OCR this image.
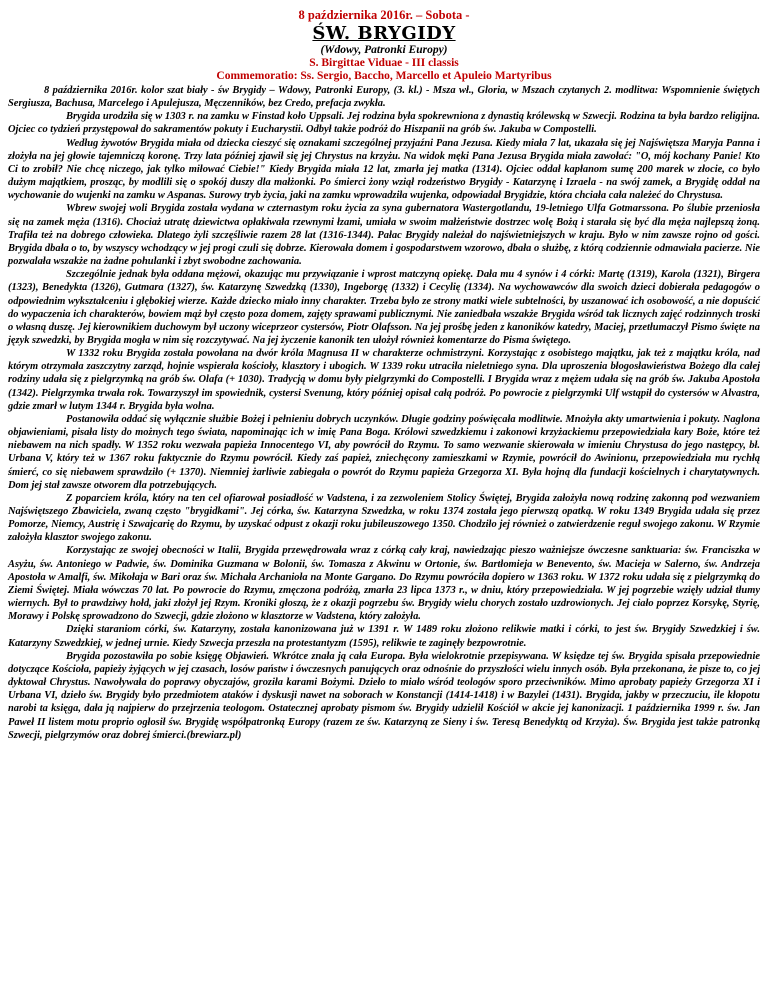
8 października 2016r. – Sobota -
ŚW. BRYGIDY
(Wdowy, Patronki Europy)
S. Birgittae Viduae - III classis
Commemoratio: Ss. Sergio, Baccho, Marcello et Apuleio Martyribus

8 października 2016r. kolor szat biały - św Brygidy – Wdowy, Patronki Europy, (3. kl.) - Msza wł., Gloria, w Mszach czytanych 2. modlitwa: Wspomnienie świętych Sergiusza, Bachusa, Marcelego i Apulejusza, Męczenników, bez Credo, prefacja zwykła.

Brygida urodziła się w 1303 r. na zamku w Finstad koło Uppsali. Jej rodzina była spokrewniona z dynastią królewską w Szwecji. Rodzina ta była bardzo religijna. Ojciec co tydzień przystępował do sakramentów pokuty i Eucharystii. Odbył także podróż do Hiszpanii na grób św. Jakuba w Compostelli.

Według żywotów Brygida miała od dziecka cieszyć się oznakami szczególnej przyjaźni Pana Jezusa. Kiedy miała 7 lat, ukazała się jej Najświętsza Maryja Panna i złożyła na jej głowie tajemniczą koronę. Trzy lata później zjawił się jej Chrystus na krzyżu. Na widok męki Pana Jezusa Brygida miała zawołać: "O, mój kochany Panie! Kto Ci to zrobił? Nie chcę niczego, jak tylko miłować Ciebie!" Kiedy Brygida miała 12 lat, zmarła jej matka (1314). Ojciec oddał kapłanom sumę 200 marek w złocie, co było dużym majątkiem, prosząc, by modlili się o spokój duszy dla małżonki. Po śmierci żony wziął rodzeństwo Brygidy - Katarzynę i Izraela - na swój zamek, a Brygidę oddał na wychowanie do wujenki na zamku w Aspanas. Surowy tryb życia, jaki na zamku wprowadziła wujenka, odpowiadał Brygidzie, która chciała cała należeć do Chrystusa.

Wbrew swojej woli Brygida została wydana w czternastym roku życia za syna gubernatora Wastergotlandu, 19-letniego Ulfa Gotmarssona. Po ślubie przeniosła się na zamek męża (1316). Chociaż utratę dziewictwa opłakiwała rzewnymi łzami, umiała w swoim małżeństwie dostrzec wolę Bożą i starała się być dla męża najlepszą żoną. Trafiła też na dobrego człowieka. Dlatego żyli szczęśliwie razem 28 lat (1316-1344). Pałac Brygidy należał do najświetniejszych w kraju. Było w nim zawsze rojno od gości. Brygida dbała o to, by wszyscy wchodzący w jej progi czuli się dobrze. Kierowała domem i gospodarstwem wzorowo, dbała o służbę, z którą codziennie odmawiała pacierze. Nie pozwalała wszakże na żadne pohulanki i zbyt swobodne zachowania.

Szczególnie jednak była oddana mężowi, okazując mu przywiązanie i wprost matczyną opiekę. Dała mu 4 synów i 4 córki: Martę (1319), Karola (1321), Birgera (1323), Benedykta (1326), Gutmara (1327), św. Katarzynę Szwedzką (1330), Ingeborgę (1332) i Cecylię (1334). Na wychowawców dla swoich dzieci dobierała pedagogów o odpowiednim wykształceniu i głębokiej wierze. Każde dziecko miało inny charakter. Trzeba było ze strony matki wiele subtelności, by uszanować ich osobowość, a nie dopuścić do wypaczenia ich charakterów, bowiem mąż był często poza domem, zajęty sprawami publicznymi. Nie zaniedbała wszakże Brygida wśród tak licznych zajęć rodzinnych troski o własną duszę. Jej kierownikiem duchowym był uczony wiceprzeor cystersów, Piotr Olafsson. Na jej prośbę jeden z kanoników katedry, Maciej, przetłumaczył Pismo święte na język szwedzki, by Brygida mogła w nim się rozczytywać. Na jej życzenie kanonik ten ułożył również komentarze do Pisma świętego.

W 1332 roku Brygida została powołana na dwór króla Magnusa II w charakterze ochmistrzyni. Korzystając z osobistego majątku, jak też z majątku króla, nad którym otrzymała zaszczytny zarząd, hojnie wspierała kościoły, klasztory i ubogich. W 1339 roku utraciła nieletniego syna. Dla uproszenia błogosławieństwa Bożego dla całej rodziny udała się z pielgrzymką na grób św. Olafa (+ 1030). Tradycją w domu były pielgrzymki do Compostelli. I Brygida wraz z mężem udała się na grób św. Jakuba Apostoła (1342). Pielgrzymka trwała rok. Towarzyszył im spowiednik, cystersi Svenung, który później opisał całą podróż. Po powrocie z pielgrzymki Ulf wstąpił do cystersów w Alvastra, gdzie zmarł w lutym 1344 r. Brygida była wolna.

Postanowiła oddać się wyłącznie służbie Bożej i pełnieniu dobrych uczynków. Długie godziny poświęcała modlitwie. Mnożyła akty umartwienia i pokuty. Naglona objawieniami, pisała listy do możnych tego świata, napominając ich w imię Pana Boga. Królowi szwedzkiemu i zakonowi krzyżackiemu przepowiedziała kary Boże, które też niebawem na nich spadły. W 1352 roku wezwała papieża Innocentego VI, aby powrócił do Rzymu. To samo wezwanie skierowała w imieniu Chrystusa do jego następcy, bł. Urbana V, który też w 1367 roku faktycznie do Rzymu powrócił. Kiedy zaś papież, zniechęcony zamieszkami w Rzymie, powrócił do Awinionu, przepowiedziała mu rychłą śmierć, co się niebawem sprawdziło (+ 1370). Niemniej żarliwie zabiegała o powrót do Rzymu papieża Grzegorza XI. Była hojną dla fundacji kościelnych i charytatywnych. Dom jej stał zawsze otworem dla potrzebujących.

Z poparciem króla, który na ten cel ofiarował posiadłość w Vadstena, i za zezwoleniem Stolicy Świętej, Brygida założyła nową rodzinę zakonną pod wezwaniem Najświętszego Zbawiciela, zwaną często "brygidkami". Jej córka, św. Katarzyna Szwedzka, w roku 1374 została jego pierwszą opatką. W roku 1349 Brygida udała się przez Pomorze, Niemcy, Austrię i Szwajcarię do Rzymu, by uzyskać odpust z okazji roku jubileuszowego 1350. Chodziło jej również o zatwierdzenie reguł swojego zakonu. W Rzymie założyła klasztor swojego zakonu.

Korzystając ze swojej obecności w Italii, Brygida przewędrowała wraz z córką cały kraj, nawiedzając pieszo ważniejsze ówczesne sanktuaria: św. Franciszka w Asyżu, św. Antoniego w Padwie, św. Dominika Guzmana w Bolonii, św. Tomasza z Akwinu w Ortonie, św. Bartłomieja w Benevento, św. Macieja w Salerno, św. Andrzeja Apostoła w Amalfi, św. Mikołaja w Bari oraz św. Michała Archanioła na Monte Gargano. Do Rzymu powróciła dopiero w 1363 roku. W 1372 roku udała się z pielgrzymką do Ziemi Świętej. Miała wówczas 70 lat. Po powrocie do Rzymu, zmęczona podróżą, zmarła 23 lipca 1373 r., w dniu, który przepowiedziała. W jej pogrzebie wzięły udział tłumy wiernych. Był to prawdziwy hołd, jaki złożył jej Rzym. Kroniki głoszą, że z okazji pogrzebu św. Brygidy wielu chorych zostało uzdrowionych. Jej ciało poprzez Korsykę, Styrię, Morawy i Polskę sprowadzono do Szwecji, gdzie złożono w klasztorze w Vadstena, który założyła.

Dzięki staraniom córki, św. Katarzyny, została kanonizowana już w 1391 r. W 1489 roku złożono relikwie matki i córki, to jest św. Brygidy Szwedzkiej i św. Katarzyny Szwedzkiej, w jednej urnie. Kiedy Szwecja przeszła na protestantyzm (1595), relikwie te zaginęły bezpowrotnie.

Brygida pozostawiła po sobie księgę Objawień. Wkrótce znała ją cała Europa. Była wielokrotnie przepisywana. W księdze tej św. Brygida spisała przepowiednie dotyczące Kościoła, papieży żyjących w jej czasach, losów państw i ówczesnych panujących oraz odnośnie do przyszłości wielu innych osób. Była przekonana, że pisze to, co jej dyktował Chrystus. Nawoływała do poprawy obyczajów, groziła karami Bożymi. Dzieło to miało wśród teologów sporo przeciwników. Mimo aprobaty papieży Grzegorza XI i Urbana VI, dzieło św. Brygidy było przedmiotem ataków i dyskusji nawet na soborach w Konstancji (1414-1418) i w Bazylei (1431). Brygida, jakby w przeczuciu, ile kłopotu narobi ta księga, dała ją najpierw do przejrzenia teologom. Ostatecznej aprobaty pismom św. Brygidy udzielił Kościół w akcie jej kanonizacji. 1 października 1999 r. św. Jan Paweł II listem motu proprio ogłosił św. Brygidę współpatronką Europy (razem ze św. Katarzyną ze Sieny i św. Teresą Benedyktą od Krzyża). Św. Brygida jest także patronką Szwecji, pielgrzymów oraz dobrej śmierci.(brewiarz.pl)
